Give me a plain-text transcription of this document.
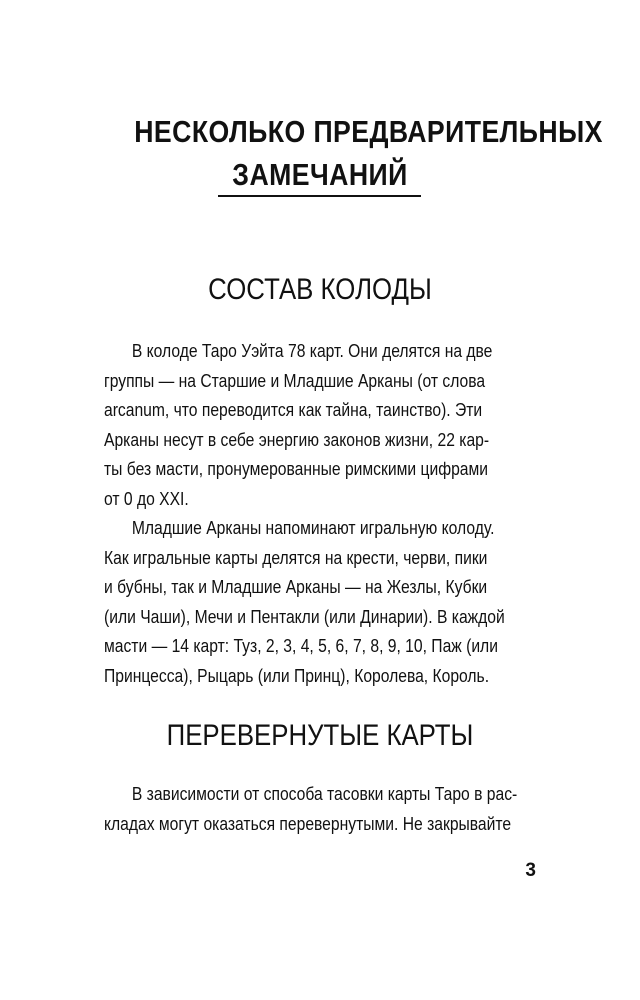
НЕСКОЛЬКО ПРЕДВАРИТЕЛЬНЫХ
ЗАМЕЧАНИЙ
СОСТАВ КОЛОДЫ
В колоде Таро Уэйта 78 карт. Они делятся на две
группы — на Старшие и Младшие Арканы (от слова
arcanum, что переводится как тайна, таинство). Эти
Арканы несут в себе энергию законов жизни, 22 кар-
ты без масти, пронумерованные римскими цифрами
от 0 до XXI.
Младшие Арканы напоминают игральную колоду.
Как игральные карты делятся на крести, черви, пики
и бубны, так и Младшие Арканы — на Жезлы, Кубки
(или Чаши), Мечи и Пентакли (или Динарии). В каждой
масти — 14 карт: Туз, 2, 3, 4, 5, 6, 7, 8, 9, 10, Паж (или
Принцесса), Рыцарь (или Принц), Королева, Король.
ПЕРЕВЕРНУТЫЕ КАРТЫ
В зависимости от способа тасовки карты Таро в рас-
кладах могут оказаться перевернутыми. Не закрывайте
3
